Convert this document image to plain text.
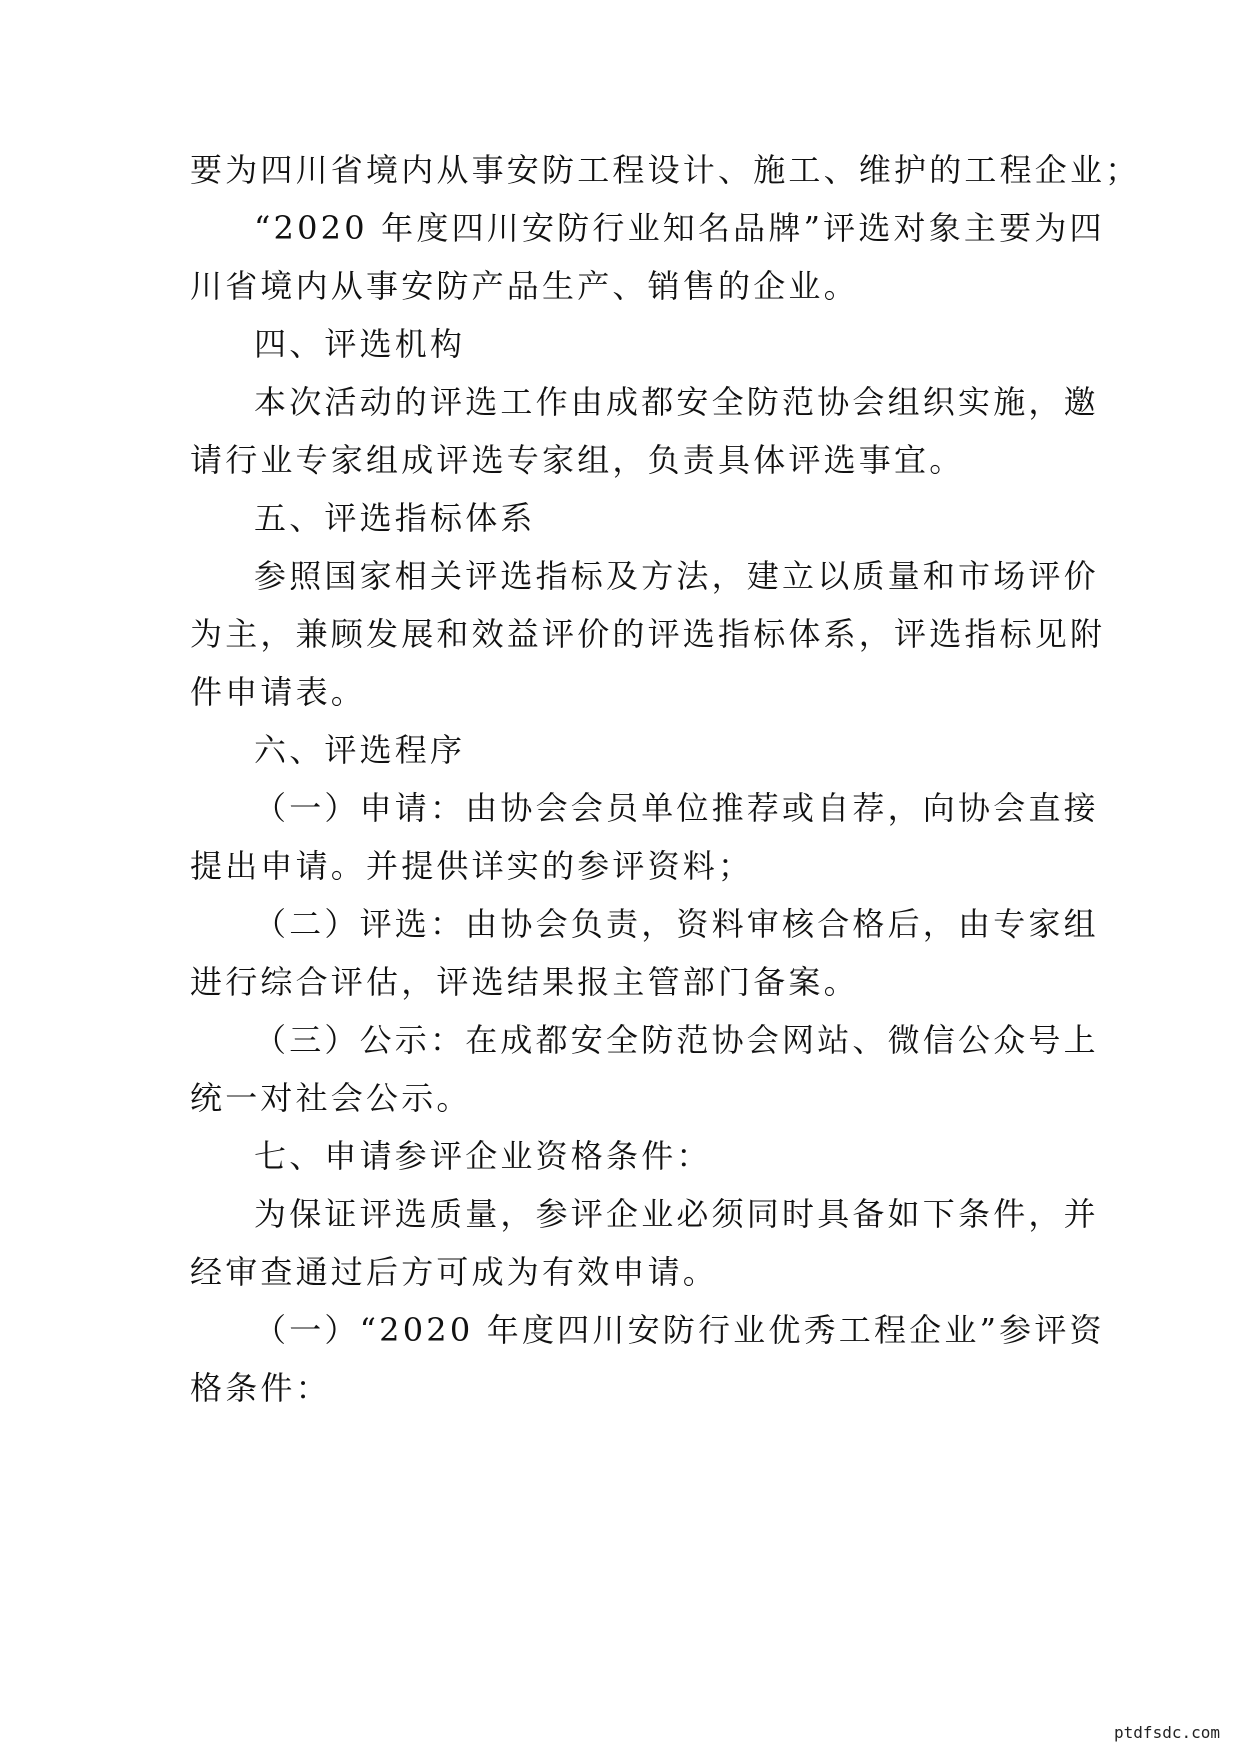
要为四川省境内从事安防工程设计、施工、维护的工程企业；
“2020 年度四川安防行业知名品牌”评选对象主要为四
川省境内从事安防产品生产、销售的企业。
四、评选机构
本次活动的评选工作由成都安全防范协会组织实施，邀
请行业专家组成评选专家组，负责具体评选事宜。
五、评选指标体系
参照国家相关评选指标及方法，建立以质量和市场评价
为主，兼顾发展和效益评价的评选指标体系，评选指标见附
件申请表。
六、评选程序
（一）申请：由协会会员单位推荐或自荐，向协会直接
提出申请。并提供详实的参评资料；
（二）评选：由协会负责，资料审核合格后，由专家组
进行综合评估，评选结果报主管部门备案。
（三）公示：在成都安全防范协会网站、微信公众号上
统一对社会公示。
七、申请参评企业资格条件：
为保证评选质量，参评企业必须同时具备如下条件，并
经审查通过后方可成为有效申请。
（一）“2020 年度四川安防行业优秀工程企业”参评资
格条件：
ptdfsdc.com
